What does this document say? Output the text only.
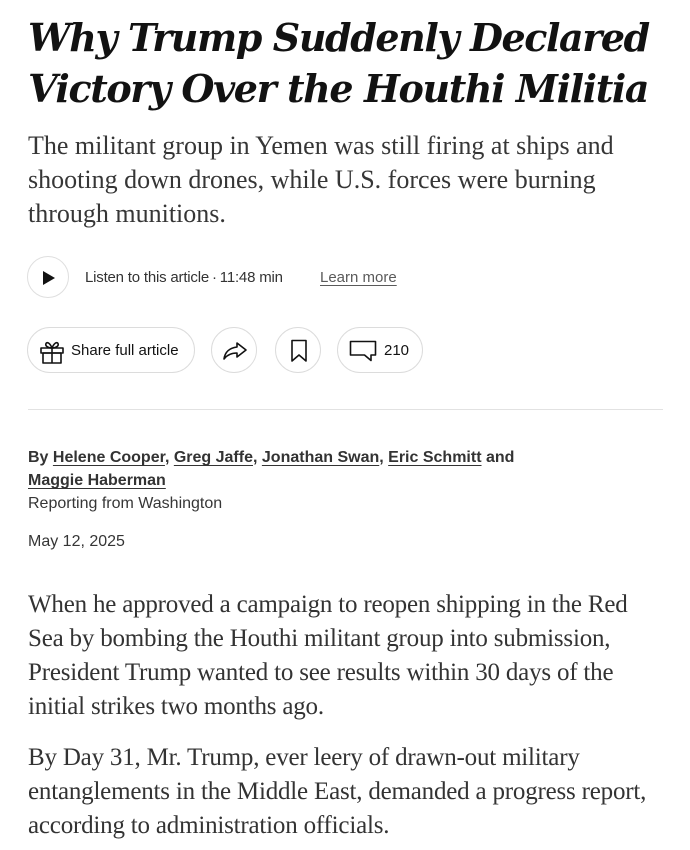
Why Trump Suddenly Declared Victory Over the Houthi Militia

The militant group in Yemen was still firing at ships and shooting down drones, while U.S. forces were burning through munitions.

Listen to this article · 11:48 min Learn more
Share full article	210

By Helene Cooper, Greg Jaffe, Jonathan Swan, Eric Schmitt and
Maggie Haberman

Reporting from Washington
May 12, 2025

When he approved a campaign to reopen shipping in the Red Sea by bombing the Houthi militant group into submission, President Trump wanted to see results within 30 days of the initial strikes two months ago.

By Day 31, Mr. Trump, ever leery of drawn-out military entanglements in the Middle East, demanded a progress report, according to administration officials.
